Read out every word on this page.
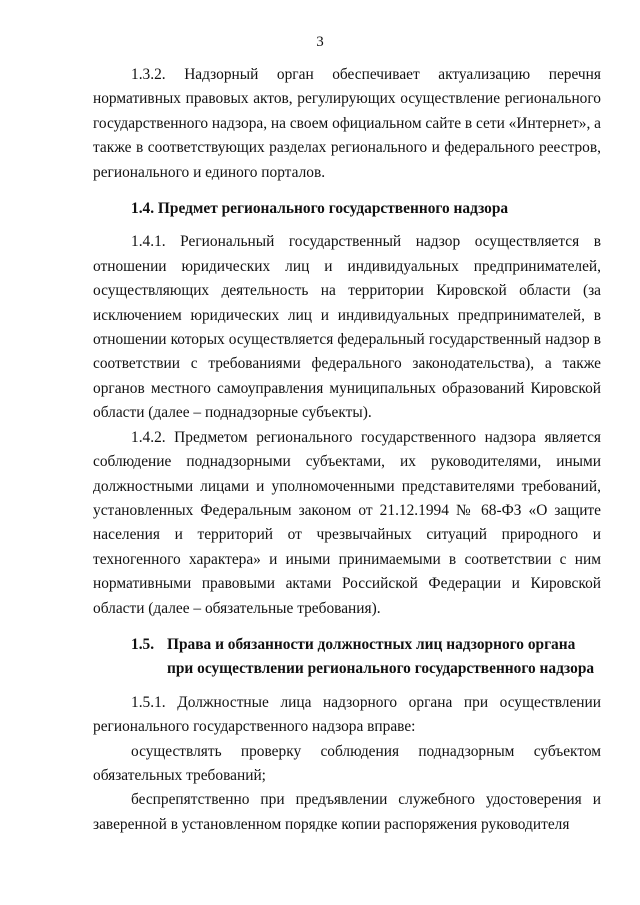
3

1.3.2. Надзорный орган обеспечивает актуализацию перечня нормативных правовых актов, регулирующих осуществление регионального государственного надзора, на своем официальном сайте в сети «Интернет», а также в соответствующих разделах регионального и федерального реестров, регионального и единого порталов.

1.4. Предмет регионального государственного надзора

1.4.1. Региональный государственный надзор осуществляется в отношении юридических лиц и индивидуальных предпринимателей, осуществляющих деятельность на территории Кировской области (за исключением юридических лиц и индивидуальных предпринимателей, в отношении которых осуществляется федеральный государственный надзор в соответствии с требованиями федерального законодательства), а также органов местного самоуправления муниципальных образований Кировской области (далее – поднадзорные субъекты).

1.4.2. Предметом регионального государственного надзора является соблюдение поднадзорными субъектами, их руководителями, иными должностными лицами и уполномоченными представителями требований, установленных Федеральным законом от 21.12.1994 № 68-ФЗ «О защите населения и территорий от чрезвычайных ситуаций природного и техногенного характера» и иными принимаемыми в соответствии с ним нормативными правовыми актами Российской Федерации и Кировской области (далее – обязательные требования).

1.5. Права и обязанности должностных лиц надзорного органа при осуществлении регионального государственного надзора

1.5.1. Должностные лица надзорного органа при осуществлении регионального государственного надзора вправе:

осуществлять проверку соблюдения поднадзорным субъектом обязательных требований;

беспрепятственно при предъявлении служебного удостоверения и заверенной в установленном порядке копии распоряжения руководителя
